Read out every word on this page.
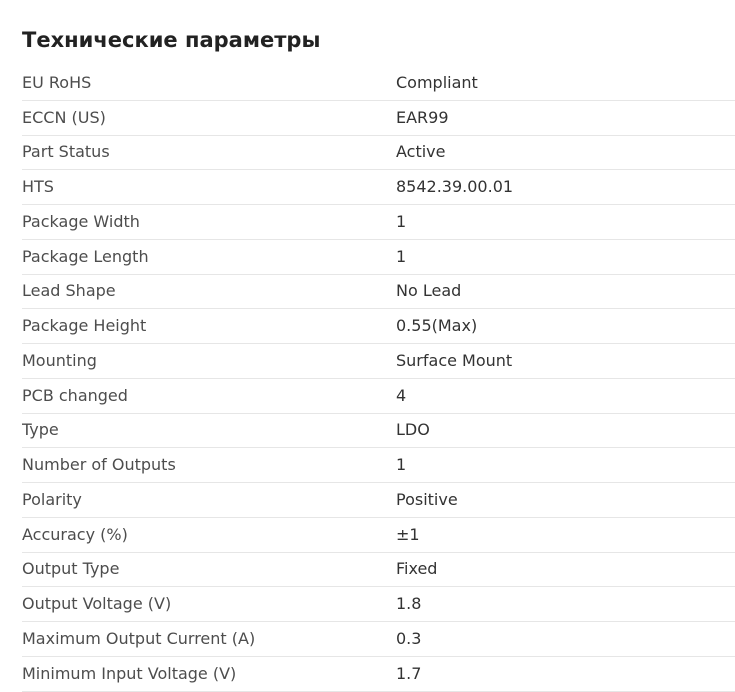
Технические параметры
EU RoHS	Compliant
ECCN (US)	EAR99
Part Status	Active
HTS	8542.39.00.01
Package Width	1
Package Length	1
Lead Shape	No Lead
Package Height	0.55(Max)
Mounting	Surface Mount
PCB changed	4
Type	LDO
Number of Outputs	1
Polarity	Positive
Accuracy (%)	±1
Output Type	Fixed
Output Voltage (V)	1.8
Maximum Output Current (A)	0.3
Minimum Input Voltage (V)	1.7
